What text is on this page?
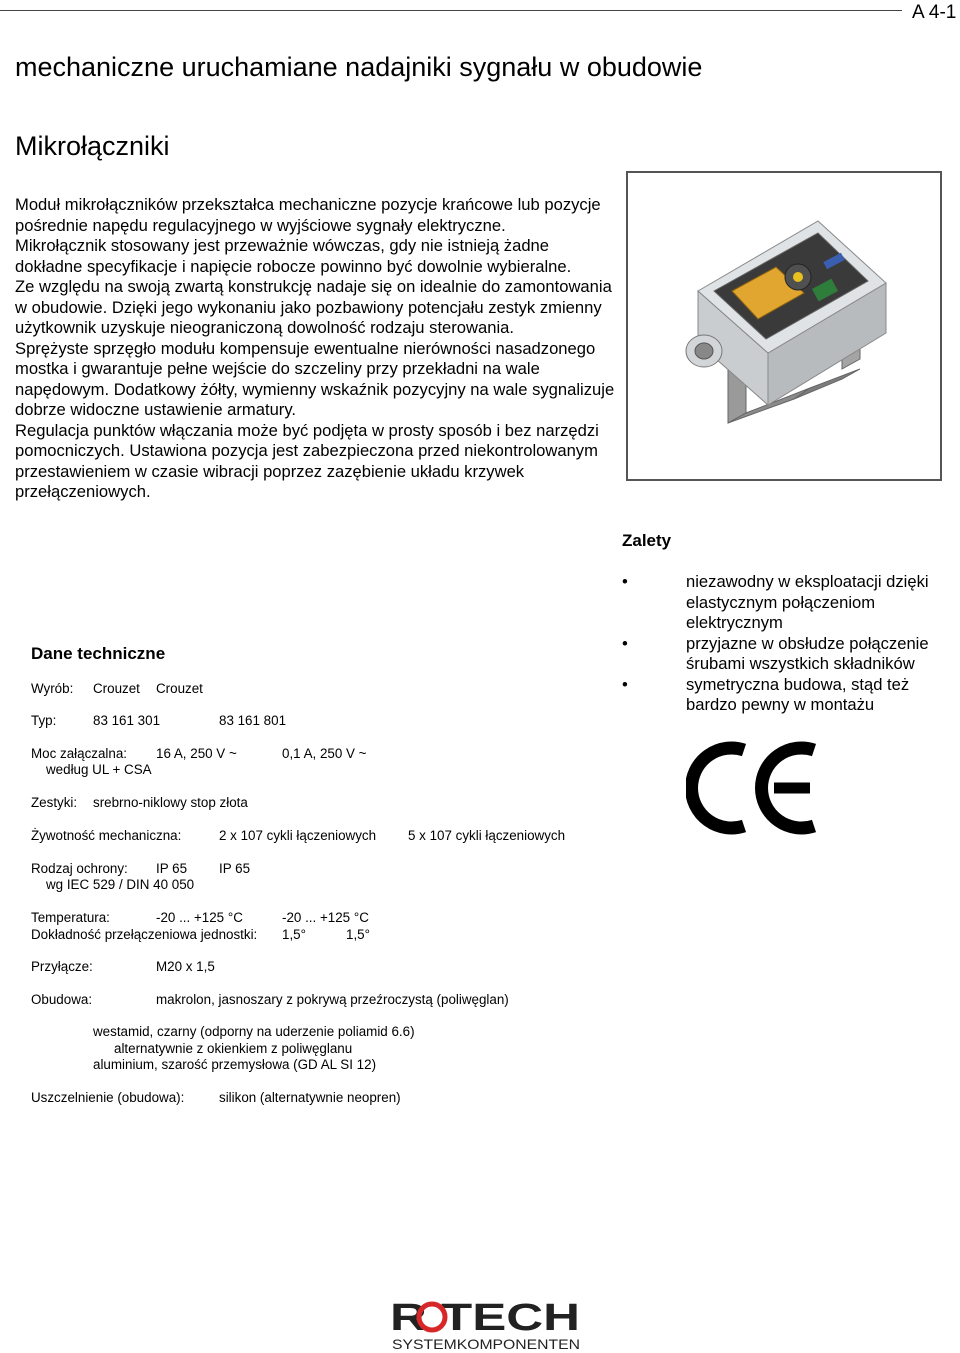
A 4-1
mechaniczne uruchamiane nadajniki sygnału w obudowie
Mikrołączniki
Moduł mikrołączników przekształca mechaniczne pozycje krańcowe lub pozycje pośrednie napędu regulacyjnego w wyjściowe sygnały elektryczne.
Mikrołącznik stosowany jest przeważnie wówczas, gdy nie istnieją żadne dokładne specyfikacje i napięcie robocze powinno być dowolnie wybieralne.
Ze względu na swoją zwartą konstrukcję nadaje się on idealnie do zamontowania w obudowie. Dzięki jego wykonaniu jako pozbawiony potencjału zestyk zmienny użytkownik uzyskuje nieograniczoną dowolność rodzaju sterowania.
Sprężyste sprzęgło modułu kompensuje ewentualne nierówności nasadzonego mostka i gwarantuje pełne wejście do szczeliny przy przekładni na wale napędowym. Dodatkowy żółty, wymienny wskaźnik pozycyjny na wale sygnalizuje dobrze widoczne ustawienie armatury.
Regulacja punktów włączania może być podjęta w prosty sposób i bez narzędzi pomocniczych. Ustawiona pozycja jest zabezpieczona przed niekontrolowanym przestawieniem w czasie wibracji poprzez zazębienie układu krzywek przełączeniowych.
Zalety
•	niezawodny w eksploatacji dzięki elastycznym połączeniom elektrycznym
•	przyjazne w obsłudze połączenie śrubami wszystkich składników
•	symetryczna budowa, stąd też bardzo pewny w montażu
Dane techniczne
Wyrób: Crouzet Crouzet
Typ:	83 161 301	83 161 801
Moc załączalna: 16 A, 250 V ~	0,1 A, 250 V ~
według UL + CSA
Zestyki: srebrno-niklowy stop złota
Żywotność mechaniczna:	2 x 107 cykli łączeniowych 5 x 107 cykli łączeniowych
Rodzaj ochrony: IP 65 IP 65
wg IEC 529 / DIN 40 050
Temperatura:	-20 ... +125 °C	-20 ... +125 °C
Dokładność przełączeniowa jednostki: 1,5°	1,5°
Przyłącze:	M20 x 1,5
Obudowa:	makrolon, jasnoszary z pokrywą przeźroczystą (poliwęglan)
westamid, czarny (odporny na uderzenie poliamid 6.6)
alternatywnie z okienkiem z poliwęglanu
aluminium, szarość przemysłowa (GD AL SI 12)
Uszczelnienie (obudowa):	silikon (alternatywnie neopren)
R TECH
SYSTEMKOMPONENTEN
